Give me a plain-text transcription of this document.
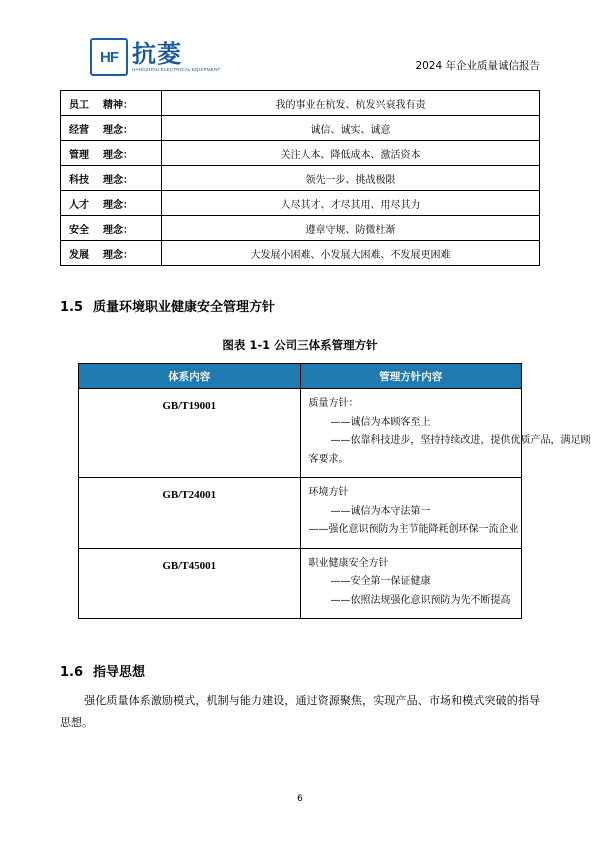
HF 抗菱
HANGZHOU ELECTRICAL EQUIPMENT	2024 年企业质量诚信报告
员工 精神：	我的事业在杭发、杭发兴衰我有责
经营 理念：	诚信、诚实、诚意
管理 理念：	关注人本、降低成本、激活资本
科技 理念：	领先一步、挑战极限
人才 理念：	人尽其才、才尽其用、用尽其力
安全 理念：	遵章守规、防微杜渐
发展 理念：	大发展小困难、小发展大困难、不发展更困难
1.5 质量环境职业健康安全管理方针
图表 1-1 公司三体系管理方针
体系内容	管理方针内容
GB/T19001	质量方针：
——诚信为本顾客至上
——依靠科技进步，坚持持续改进，提供优质产品，满足顾
客要求。

GB/T24001	环境方针
——诚信为本守法第一
——强化意识预防为主节能降耗创环保一流企业

GB/T45001	职业健康安全方针
——安全第一保证健康
——依照法规强化意识预防为先不断提高
1.6 指导思想
强化质量体系激励模式，机制与能力建设，通过资源聚焦，实现产品、市场和模式突破的指导思想。
6
